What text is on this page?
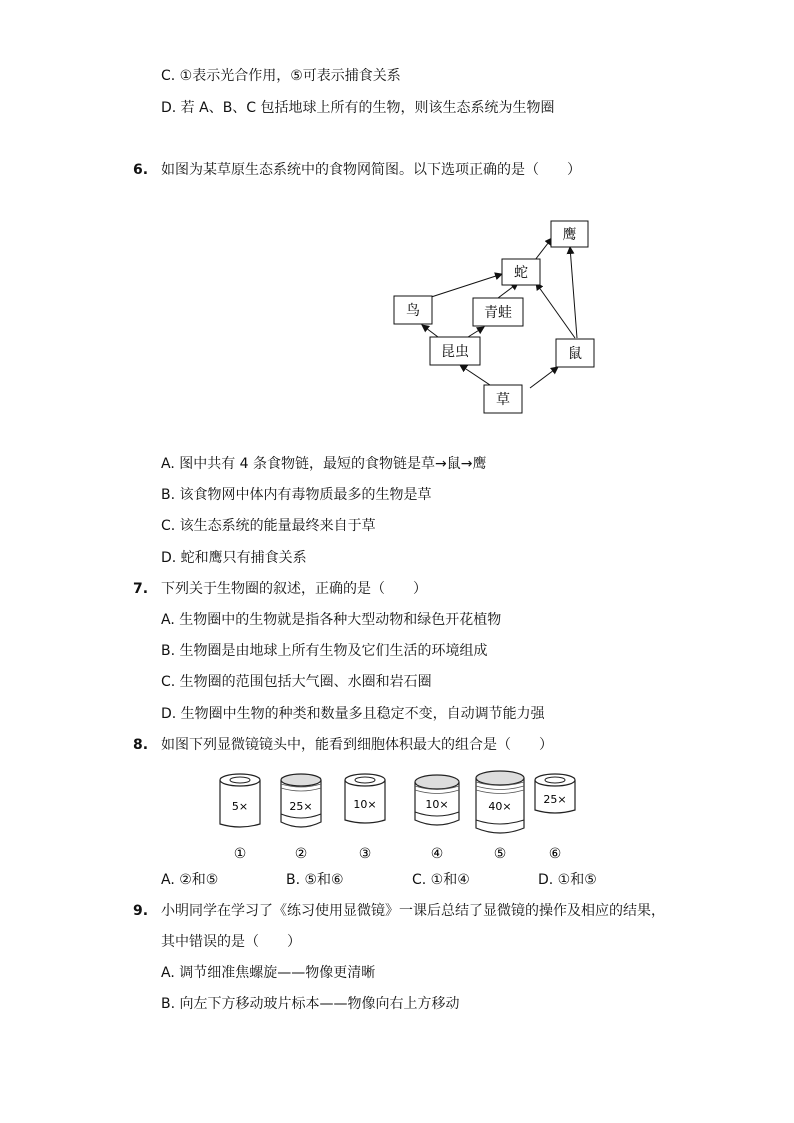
C. ①表示光合作用，⑤可表示捕食关系
D. 若 A、B、C 包括地球上所有的生物，则该生态系统为生物圈
6. 如图为某草原生态系统中的食物网简图。以下选项正确的是（　　）
鹰
蛇
鸟	青蛙
昆虫	鼠
草
A. 图中共有 4 条食物链，最短的食物链是草→鼠→鹰
B. 该食物网中体内有毒物质最多的生物是草
C. 该生态系统的能量最终来自于草
D. 蛇和鹰只有捕食关系
7. 下列关于生物圈的叙述，正确的是（　　）
A. 生物圈中的生物就是指各种大型动物和绿色开花植物
B. 生物圈是由地球上所有生物及它们生活的环境组成
C. 生物圈的范围包括大气圈、水圈和岩石圈
D. 生物圈中生物的种类和数量多且稳定不变，自动调节能力强
8. 如图下列显微镜镜头中，能看到细胞体积最大的组合是（　　）
5×	25×	10×	10×	40×
25×
①	②	③	④	⑤	⑥
A. ②和⑤	B. ⑤和⑥	C. ①和④	D. ①和⑤
9. 小明同学在学习了《练习使用显微镜》一课后总结了显微镜的操作及相应的结果，
其中错误的是（　　）
A. 调节细准焦螺旋——物像更清晰
B. 向左下方移动玻片标本——物像向右上方移动
